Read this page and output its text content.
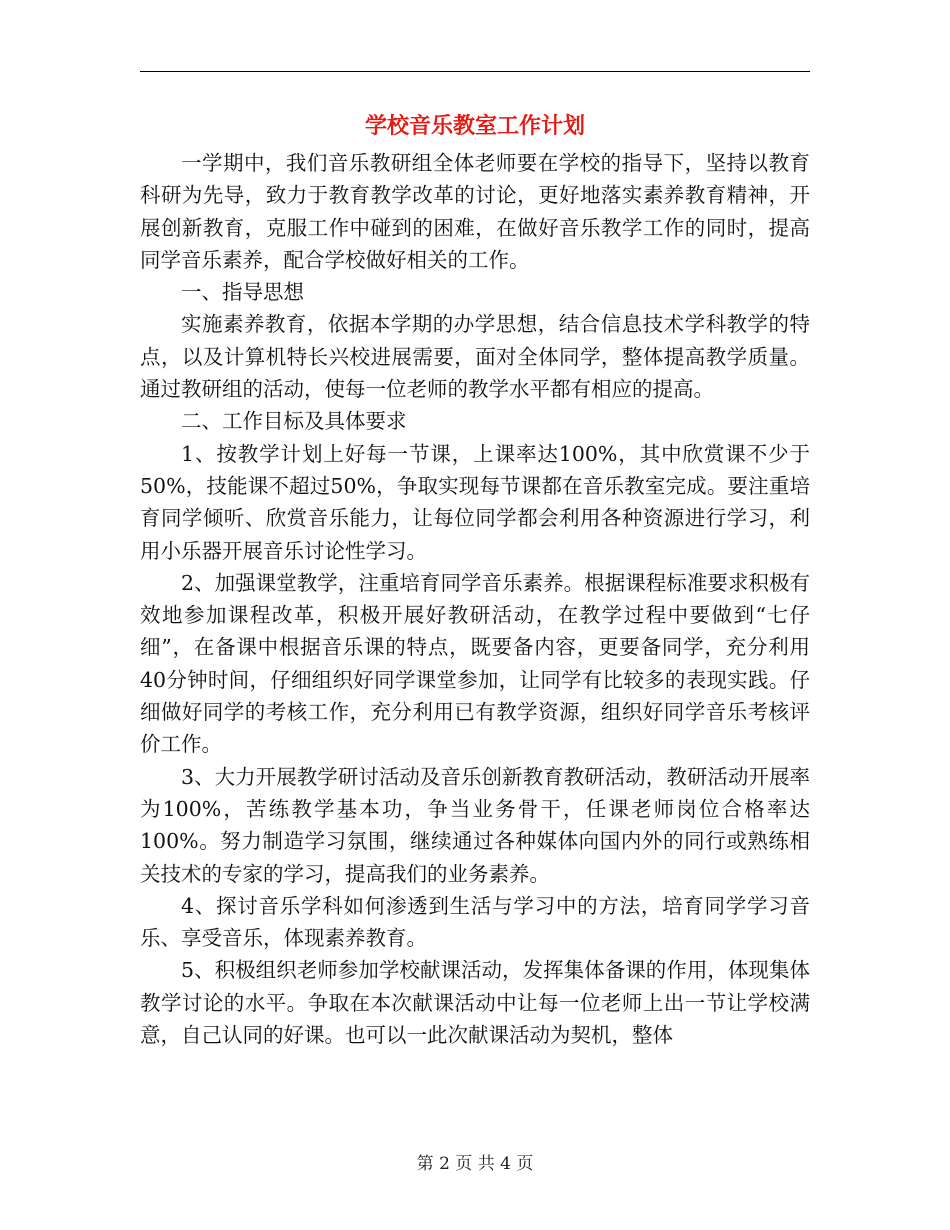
学校音乐教室工作计划

一学期中，我们音乐教研组全体老师要在学校的指导下，坚持以教育科研为先导，致力于教育教学改革的讨论，更好地落实素养教育精神，开展创新教育，克服工作中碰到的困难，在做好音乐教学工作的同时，提高同学音乐素养，配合学校做好相关的工作。

一、指导思想

实施素养教育，依据本学期的办学思想，结合信息技术学科教学的特点，以及计算机特长兴校进展需要，面对全体同学，整体提高教学质量。通过教研组的活动，使每一位老师的教学水平都有相应的提高。

二、工作目标及具体要求

1、按教学计划上好每一节课，上课率达100%，其中欣赏课不少于50%，技能课不超过50%，争取实现每节课都在音乐教室完成。要注重培育同学倾听、欣赏音乐能力，让每位同学都会利用各种资源进行学习，利用小乐器开展音乐讨论性学习。

2、加强课堂教学，注重培育同学音乐素养。根据课程标准要求积极有效地参加课程改革，积极开展好教研活动，在教学过程中要做到“七仔细”，在备课中根据音乐课的特点，既要备内容，更要备同学，充分利用40分钟时间，仔细组织好同学课堂参加，让同学有比较多的表现实践。仔细做好同学的考核工作，充分利用已有教学资源，组织好同学音乐考核评价工作。

3、大力开展教学研讨活动及音乐创新教育教研活动，教研活动开展率为100%，苦练教学基本功，争当业务骨干，任课老师岗位合格率达100%。努力制造学习氛围，继续通过各种媒体向国内外的同行或熟练相关技术的专家的学习，提高我们的业务素养。

4、探讨音乐学科如何渗透到生活与学习中的方法，培育同学学习音乐、享受音乐，体现素养教育。

5、积极组织老师参加学校献课活动，发挥集体备课的作用，体现集体教学讨论的水平。争取在本次献课活动中让每一位老师上出一节让学校满意，自己认同的好课。也可以一此次献课活动为契机，整体

第 2 页 共 4 页
